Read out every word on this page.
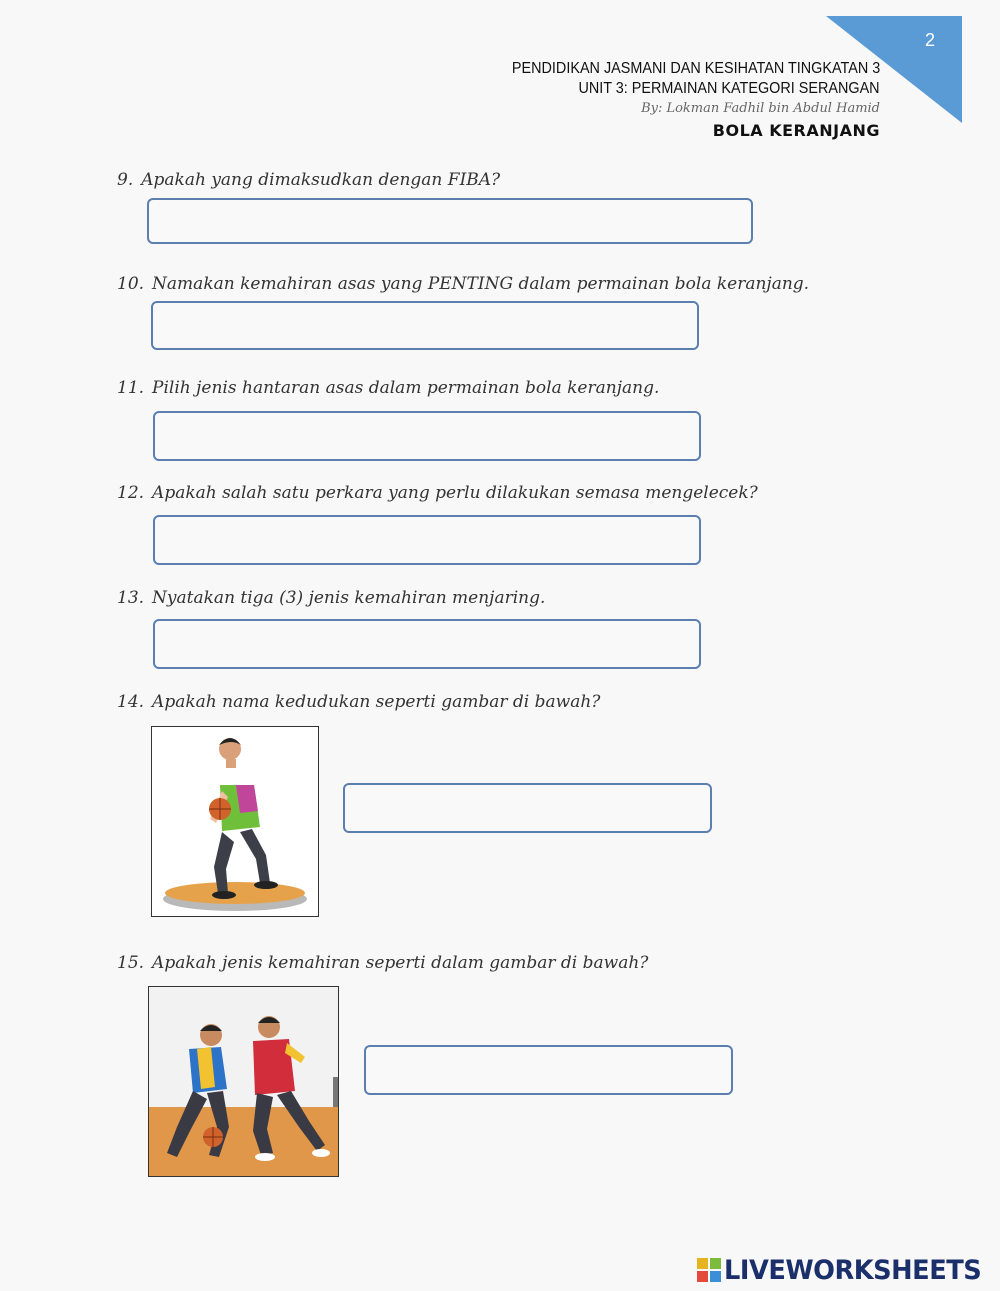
2
PENDIDIKAN JASMANI DAN KESIHATAN TINGKATAN 3
UNIT 3: PERMAINAN KATEGORI SERANGAN
By: Lokman Fadhil bin Abdul Hamid
BOLA KERANJANG
9. Apakah yang dimaksudkan dengan FIBA?
10. Namakan kemahiran asas yang PENTING dalam permainan bola keranjang.
11. Pilih jenis hantaran asas dalam permainan bola keranjang.
12. Apakah salah satu perkara yang perlu dilakukan semasa mengelecek?
13. Nyatakan tiga (3) jenis kemahiran menjaring.
14. Apakah nama kedudukan seperti gambar di bawah?
15. Apakah jenis kemahiran seperti dalam gambar di bawah?
LIVEWORKSHEETS
